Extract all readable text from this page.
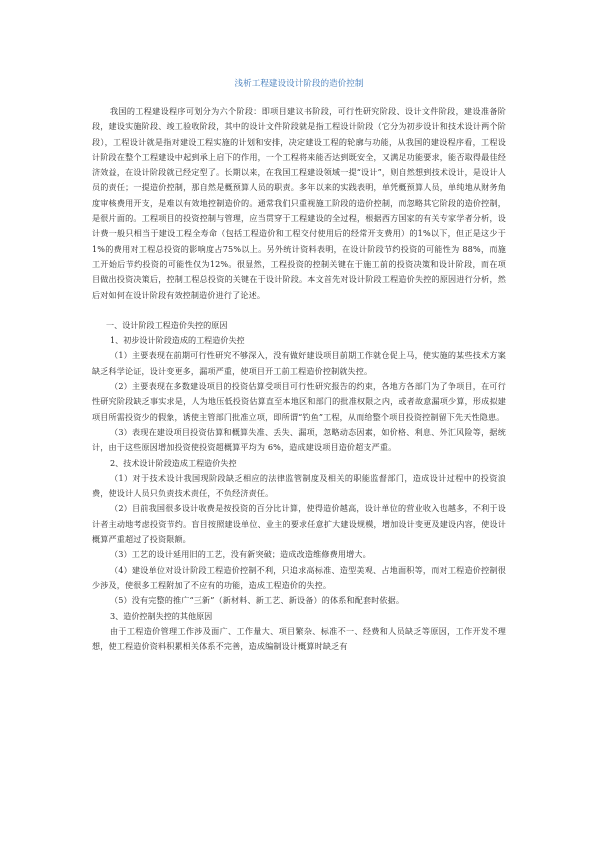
浅析工程建设设计阶段的造价控制

我国的工程建设程序可划分为六个阶段：即项目建议书阶段，可行性研究阶段、设计文件阶段，建设准备阶段，建设实施阶段、竣工验收阶段，其中的设计文件阶段就是指工程设计阶段（它分为初步设计和技术设计两个阶段），工程设计就是指对建设工程实施的计划和安排，决定建设工程的轮廓与功能，从我国的建设程序看，工程设计阶段在整个工程建设中起到承上启下的作用，一个工程将来能否达到既安全，又满足功能要求，能否取得最佳经济效益，在设计阶段就已经定型了。长期以来，在我国工程建设领域一提“设计”，则自然想到技术设计，是设计人员的责任；一提造价控制，那自然是概预算人员的职责。多年以来的实践表明，单凭概预算人员，单纯地从财务角度审核费用开支，是难以有效地控制造价的。通常我们只重视施工阶段的造价控制，而忽略其它阶段的造价控制，是很片面的。工程项目的投资控制与管理，应当贯穿于工程建设的全过程，根据西方国家的有关专家学者分析，设计费一般只相当于建设工程全寿命（包括工程造价和工程交付使用后的经常开支费用）的1%以下，但正是这少于1%的费用对工程总投资的影响度占75%以上。另外统计资料表明，在设计阶段节约投资的可能性为 88%，而施工开始后节约投资的可能性仅为12%。很显然，工程投资的控制关键在于施工前的投资决策和设计阶段，而在项目做出投资决策后，控制工程总投资的关键在于设计阶段。本文首先对设计阶段工程造价失控的原因进行分析，然后对如何在设计阶段有效控制造价进行了论述。

一、设计阶段工程造价失控的原因

1、初步设计阶段造成的工程造价失控

（1）主要表现在前期可行性研究不够深入，没有做好建设项目前期工作就仓促上马，使实施的某些技术方案缺乏科学论证，设计变更多，漏项严重，使项目开工前工程造价控制就失控。

（2）主要表现在多数建设项目的投资估算受项目可行性研究报告的约束，各地方各部门为了争项目，在可行性研究阶段缺乏事实求是，人为地压低投资估算直至本地区和部门的批准权限之内，或者故意漏项少算，形成拟建项目所需投资少的假象，诱使主管部门批准立项，即所谓“钓鱼”工程，从而给整个项目投资控制留下先天性隐患。

（3）表现在建设项目投资估算和概算失准、丢失、漏项，忽略动态因素，如价格、利息、外汇风险等，据统计，由于这些原因增加投资使投资超概算平均为 6%，造成建设项目造价超支严重。

2、技术设计阶段造成工程造价失控

（1）对于技术设计我国现阶段缺乏相应的法律监管制度及相关的职能监督部门，造成设计过程中的投资浪费，使设计人员只负责技术责任，不负经济责任。

（2）目前我国很多设计收费是按投资的百分比计算，使得造价越高，设计单位的营业收入也越多，不利于设计者主动地考虑投资节约。盲目按照建设单位、业主的要求任意扩大建设规模，增加设计变更及建设内容，使设计概算严重超过了投资限额。

（3）工艺的设计延用旧的工艺，没有新突破；造成改造维修费用增大。

（4）建设单位对设计阶段工程造价控制不利，只追求高标准、造型美观、占地面积等，而对工程造价控制很少涉及，使很多工程附加了不应有的功能，造成工程造价的失控。

（5）没有完整的推广“三新”（新材料、新工艺、新设备）的体系和配套时依据。

3、造价控制失控的其他原因

由于工程造价管理工作涉及面广、工作量大、项目繁杂、标准不一、经费和人员缺乏等原因，工作开发不理想，使工程造价资料积累相关体系不完善，造成编制设计概算时缺乏有
